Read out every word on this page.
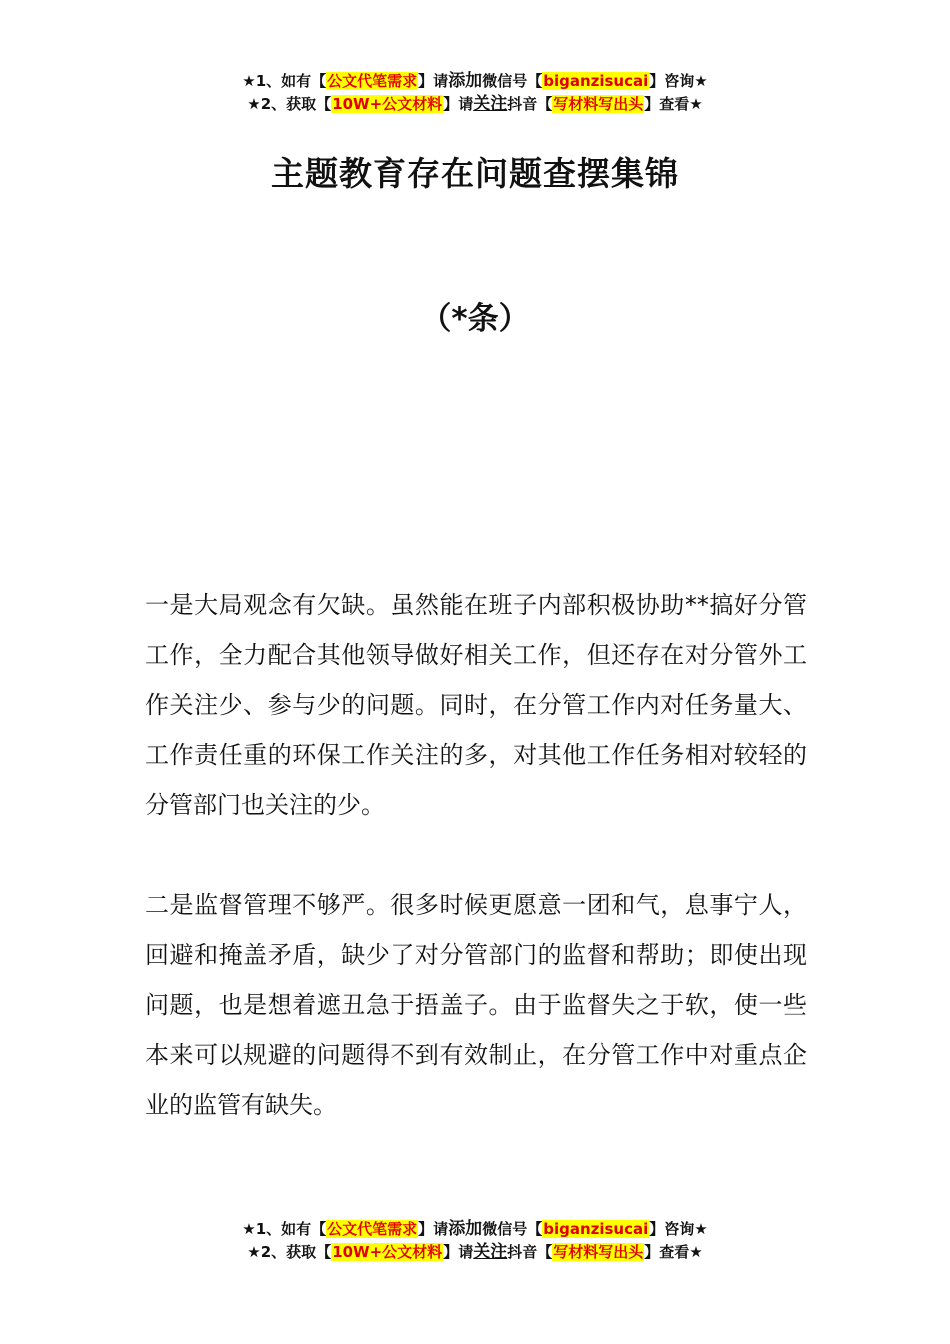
★1、如有【公文代笔需求】请添加微信号【biganzisucai】咨询★
★2、获取【10W+公文材料】请关注抖音【写材料写出头】查看★
主题教育存在问题查摆集锦
（*条）

一是大局观念有欠缺。虽然能在班子内部积极协助**搞好分管工作，全力配合其他领导做好相关工作，但还存在对分管外工作关注少、参与少的问题。同时，在分管工作内对任务量大、工作责任重的环保工作关注的多，对其他工作任务相对较轻的分管部门也关注的少。

二是监督管理不够严。很多时候更愿意一团和气，息事宁人，回避和掩盖矛盾，缺少了对分管部门的监督和帮助；即使出现问题，也是想着遮丑急于捂盖子。由于监督失之于软，使一些本来可以规避的问题得不到有效制止，在分管工作中对重点企业的监管有缺失。

★1、如有【公文代笔需求】请添加微信号【biganzisucai】咨询★
★2、获取【10W+公文材料】请关注抖音【写材料写出头】查看★
